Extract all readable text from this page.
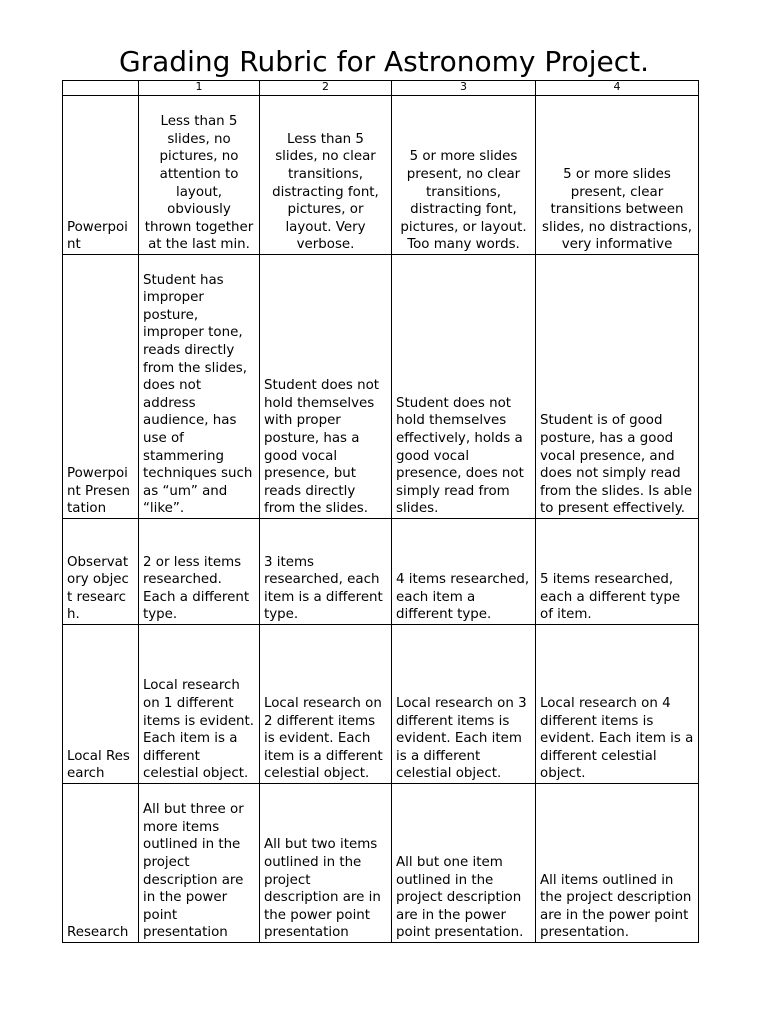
Grading Rubric for Astronomy Project.
	1	2	3	4
Powerpoint	Less than 5 slides, no pictures, no attention to layout, obviously thrown together at the last min.	Less than 5 slides, no clear transitions, distracting font, pictures, or layout. Very verbose.	5 or more slides present, no clear transitions, distracting font, pictures, or layout. Too many words.	5 or more slides present, clear transitions between slides, no distractions, very informative
Powerpoint Presentation	Student has improper posture, improper tone, reads directly from the slides, does not address audience, has use of stammering techniques such as “um” and “like”.	Student does not hold themselves with proper posture, has a good vocal presence, but reads directly from the slides.	Student does not hold themselves effectively, holds a good vocal presence, does not simply read from slides.	Student is of good posture, has a good vocal presence, and does not simply read from the slides. Is able to present effectively.
Observatory object research.	2 or less items researched. Each a different type.	3 items researched, each item is a different type.	4 items researched, each item a different type.	5 items researched, each a different type of item.
Local Research	Local research on 1 different items is evident. Each item is a different celestial object.	Local research on 2 different items is evident. Each item is a different celestial object.	Local research on 3 different items is evident. Each item is a different celestial object.	Local research on 4 different items is evident. Each item is a different celestial object.
Research	All but three or more items outlined in the project description are in the power point presentation	All but two items outlined in the project description are in the power point presentation	All but one item outlined in the project description are in the power point presentation.	All items outlined in the project description are in the power point presentation.
